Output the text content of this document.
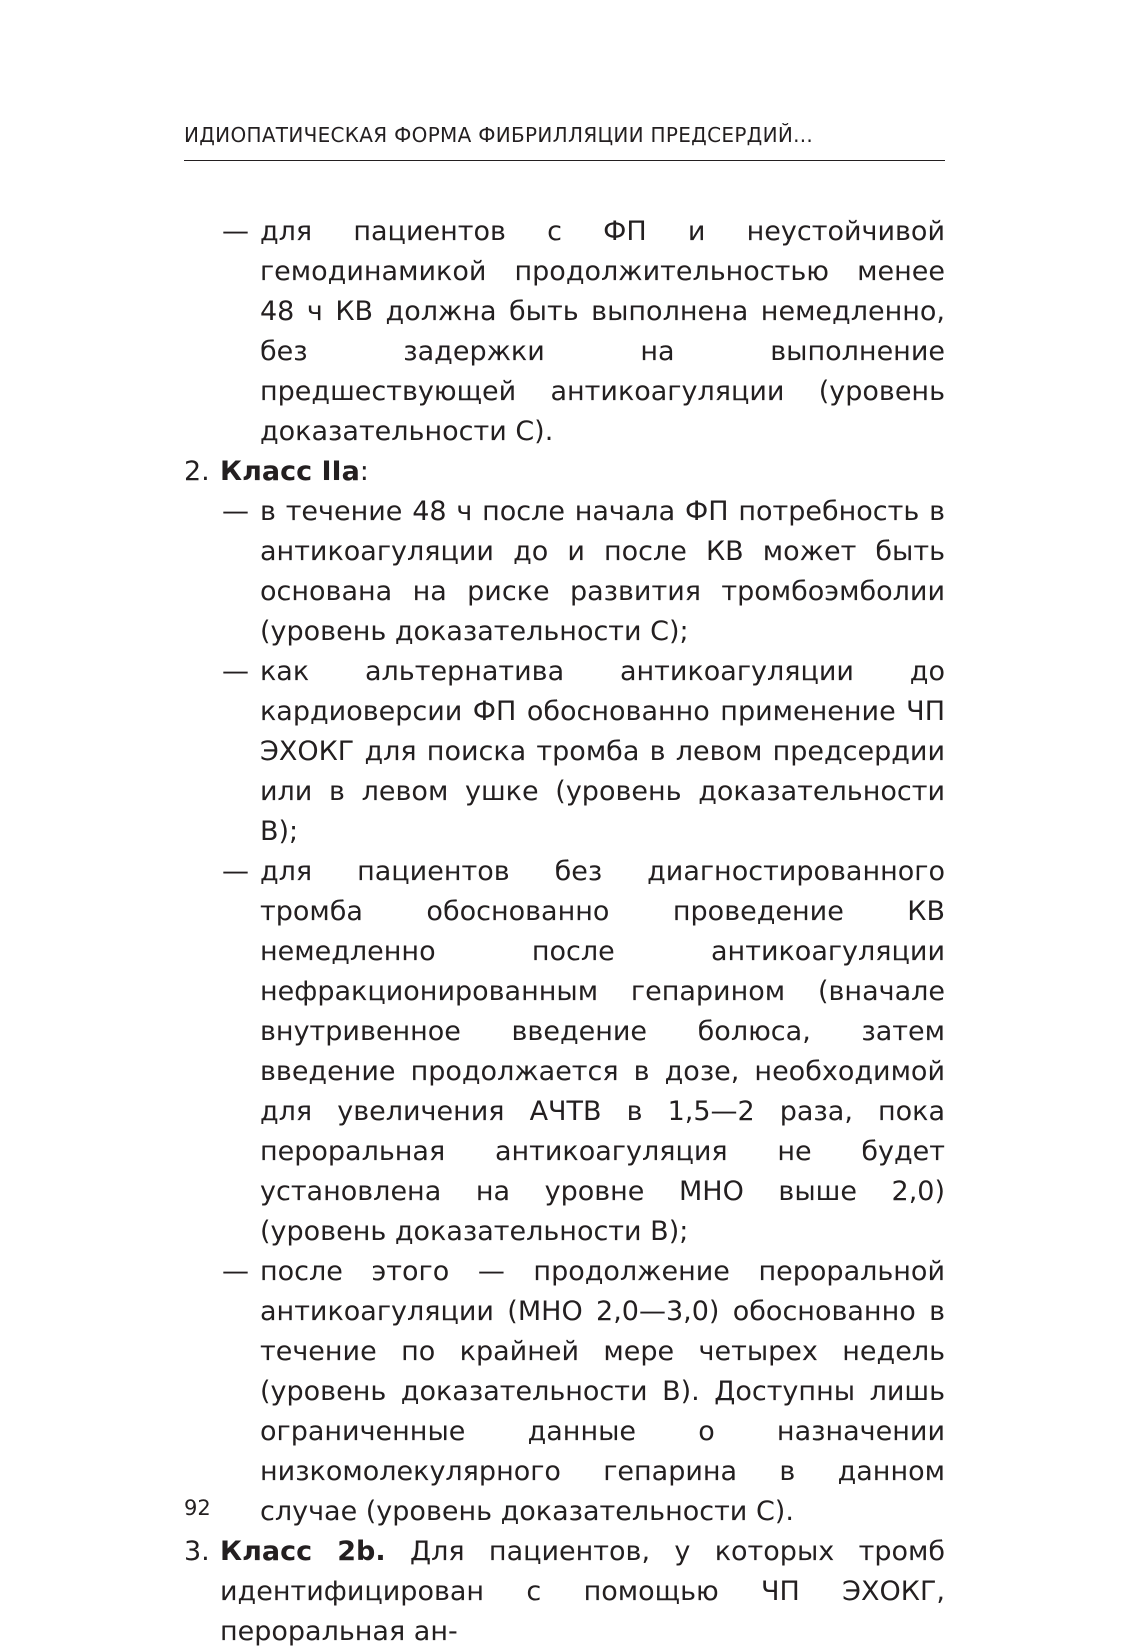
ИДИОПАТИЧЕСКАЯ ФОРМА ФИБРИЛЛЯЦИИ ПРЕДСЕРДИЙ...
— для пациентов с ФП и неустойчивой гемодинамикой продолжительностью менее 48 ч КВ должна быть выполнена немедленно, без задержки на выполнение предшествующей антикоагуляции (уровень доказательности С).
2. Класс IIa:
— в течение 48 ч после начала ФП потребность в антикоагуляции до и после КВ может быть основана на риске развития тромбоэмболии (уровень доказательности С);
— как альтернатива антикоагуляции до кардиоверсии ФП обоснованно применение ЧП ЭХОКГ для поиска тромба в левом предсердии или в левом ушке (уровень доказательности В);
— для пациентов без диагностированного тромба обоснованно проведение КВ немедленно после антикоагуляции нефракционированным гепарином (вначале внутривенное введение болюса, затем введение продолжается в дозе, необходимой для увеличения АЧТВ в 1,5—2 раза, пока пероральная антикоагуляция не будет установлена на уровне МНО выше 2,0) (уровень доказательности В);
— после этого — продолжение пероральной антикоагуляции (МНО 2,0—3,0) обоснованно в течение по крайней мере четырех недель (уровень доказательности В). Доступны лишь ограниченные данные о назначении низкомолекулярного гепарина в данном случае (уровень доказательности С).
3. Класс 2b. Для пациентов, у которых тромб идентифицирован с помощью ЧП ЭХОКГ, пероральная ан-
92
